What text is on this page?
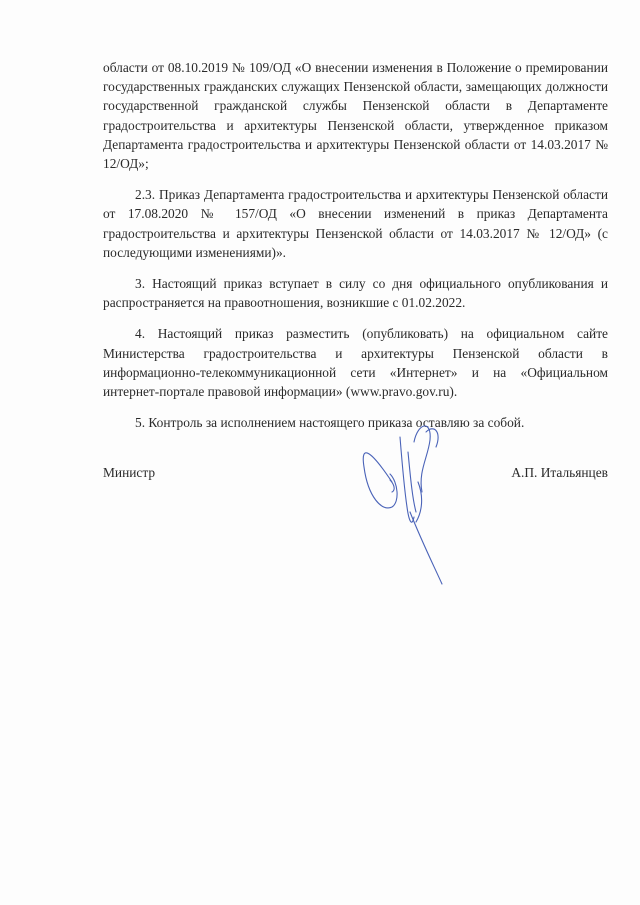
области от 08.10.2019 № 109/ОД «О внесении изменения в Положение о премировании государственных гражданских служащих Пензенской области, замещающих должности государственной гражданской службы Пензенской области в Департаменте градостроительства и архитектуры Пензенской области, утвержденное приказом Департамента градостроительства и архитектуры Пензенской области от 14.03.2017 № 12/ОД»;

2.3. Приказ Департамента градостроительства и архитектуры Пензенской области от 17.08.2020 № 157/ОД «О внесении изменений в приказ Департамента градостроительства и архитектуры Пензенской области от 14.03.2017 № 12/ОД» (с последующими изменениями)».

3. Настоящий приказ вступает в силу со дня официального опубликования и распространяется на правоотношения, возникшие с 01.02.2022.

4. Настоящий приказ разместить (опубликовать) на официальном сайте Министерства градостроительства и архитектуры Пензенской области в информационно-телекоммуникационной сети «Интернет» и на «Официальном интернет-портале правовой информации» (www.pravo.gov.ru).

5. Контроль за исполнением настоящего приказа оставляю за собой.

Министр	А.П. Итальянцев
